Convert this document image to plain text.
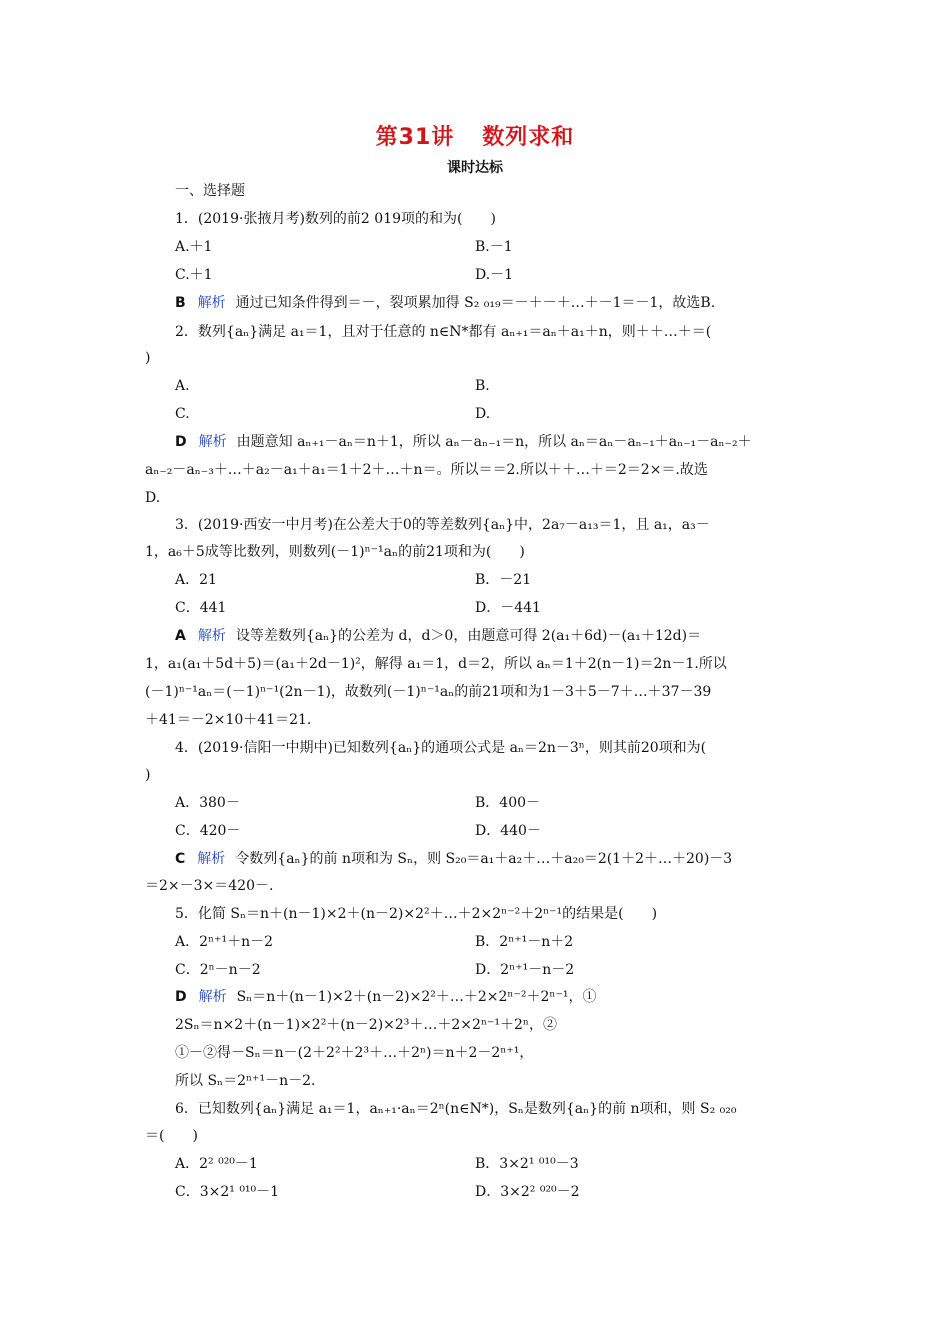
第31讲 数列求和
课时达标
一、选择题
1．(2019·张掖月考)数列的前2 019项的和为(　　)
A.＋1	B.－1
C.＋1	D.－1
B 解析 通过已知条件得到＝－，裂项累加得 S₂ ₀₁₉＝－＋－＋…＋－1＝－1，故选B.
2．数列{aₙ}满足 a₁＝1，且对于任意的 n∈N*都有 aₙ₊₁＝aₙ＋a₁＋n，则＋＋…＋＝(
)
A.	B.
C.	D.
D 解析 由题意知 aₙ₊₁－aₙ＝n＋1，所以 aₙ－aₙ₋₁＝n，所以 aₙ＝aₙ－aₙ₋₁＋aₙ₋₁－aₙ₋₂＋
aₙ₋₂－aₙ₋₃＋…＋a₂－a₁＋a₁＝1＋2＋…＋n＝。所以＝＝2.所以＋＋…＋＝2＝2×＝.故选
D.
3．(2019·西安一中月考)在公差大于0的等差数列{aₙ}中，2a₇－a₁₃＝1，且 a₁，a₃－
1，a₆＋5成等比数列，则数列(－1)ⁿ⁻¹aₙ的前21项和为(　　)
A．21	B．－21
C．441	D．－441
A 解析 设等差数列{aₙ}的公差为 d，d＞0，由题意可得 2(a₁＋6d)－(a₁＋12d)＝
1，a₁(a₁＋5d＋5)＝(a₁＋2d－1)²，解得 a₁＝1，d＝2，所以 aₙ＝1＋2(n－1)＝2n－1.所以
(－1)ⁿ⁻¹aₙ＝(－1)ⁿ⁻¹(2n－1)，故数列(－1)ⁿ⁻¹aₙ的前21项和为1－3＋5－7＋…＋37－39
＋41＝－2×10＋41＝21.
4．(2019·信阳一中期中)已知数列{aₙ}的通项公式是 aₙ＝2n－3ⁿ，则其前20项和为(
)
A．380－	B．400－
C．420－	D．440－
C 解析 令数列{aₙ}的前 n项和为 Sₙ，则 S₂₀＝a₁＋a₂＋…＋a₂₀＝2(1＋2＋…＋20)－3
＝2×－3×＝420－.
5．化简 Sₙ＝n＋(n－1)×2＋(n－2)×2²＋…＋2×2ⁿ⁻²＋2ⁿ⁻¹的结果是(　　)
A．2ⁿ⁺¹＋n－2	B．2ⁿ⁺¹－n＋2
C．2ⁿ－n－2	D．2ⁿ⁺¹－n－2
D 解析 Sₙ＝n＋(n－1)×2＋(n－2)×2²＋…＋2×2ⁿ⁻²＋2ⁿ⁻¹，①
2Sₙ＝n×2＋(n－1)×2²＋(n－2)×2³＋…＋2×2ⁿ⁻¹＋2ⁿ，②
①－②得－Sₙ＝n－(2＋2²＋2³＋…＋2ⁿ)＝n＋2－2ⁿ⁺¹，
所以 Sₙ＝2ⁿ⁺¹－n－2.
6．已知数列{aₙ}满足 a₁＝1，aₙ₊₁·aₙ＝2ⁿ(n∈N*)，Sₙ是数列{aₙ}的前 n项和，则 S₂ ₀₂₀
＝(　　)
A．2² ⁰²⁰－1	B．3×2¹ ⁰¹⁰－3
C．3×2¹ ⁰¹⁰－1	D．3×2² ⁰²⁰－2
